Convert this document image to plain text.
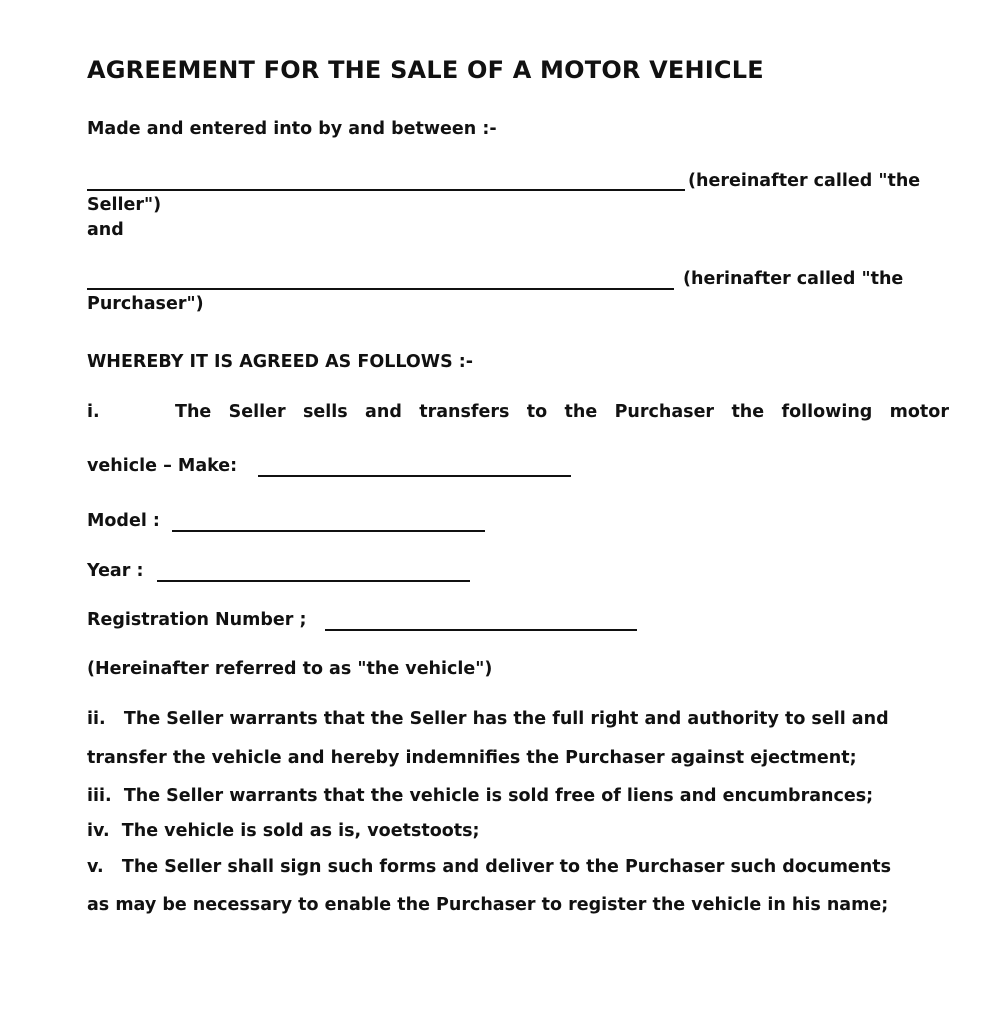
AGREEMENT FOR THE SALE OF A MOTOR VEHICLE
Made and entered into by and between :-
(hereinafter called "the
Seller")
and
(herinafter called "the
Purchaser")
WHEREBY IT IS AGREED AS FOLLOWS :-
i.	The Seller sells and transfers to the Purchaser the following motor
vehicle – Make:
Model :
Year :
Registration Number ;
(Hereinafter referred to as "the vehicle")
ii.   The Seller warrants that the Seller has the full right and authority to sell and
transfer the vehicle and hereby indemnifies the Purchaser against ejectment;
iii.  The Seller warrants that the vehicle is sold free of liens and encumbrances;
iv.  The vehicle is sold as is, voetstoots;
v.   The Seller shall sign such forms and deliver to the Purchaser such documents
as may be necessary to enable the Purchaser to register the vehicle in his name;
